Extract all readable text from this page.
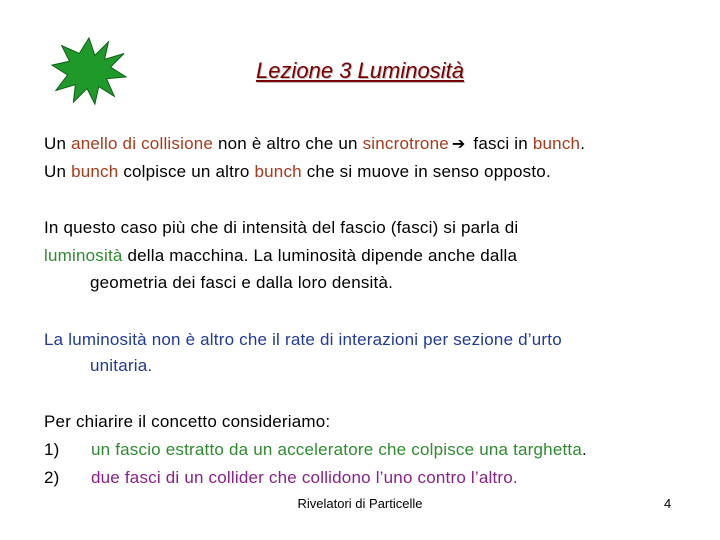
Lezione 3 Luminosità
Un anello di collisione non è altro che un sincrotrone ➔ fasci in bunch.
Un bunch colpisce un altro bunch che si muove in senso opposto.
In questo caso più che di intensità del fascio (fasci) si parla di
luminosità della macchina. La luminosità dipende anche dalla
geometria dei fasci e dalla loro densità.
La luminosità non è altro che il rate di interazioni per sezione d’urto
unitaria.
Per chiarire il concetto consideriamo:
1) un fascio estratto da un acceleratore che colpisce una targhetta.
2) due fasci di un collider che collidono l’uno contro l’altro.
Rivelatori di Particelle	4
